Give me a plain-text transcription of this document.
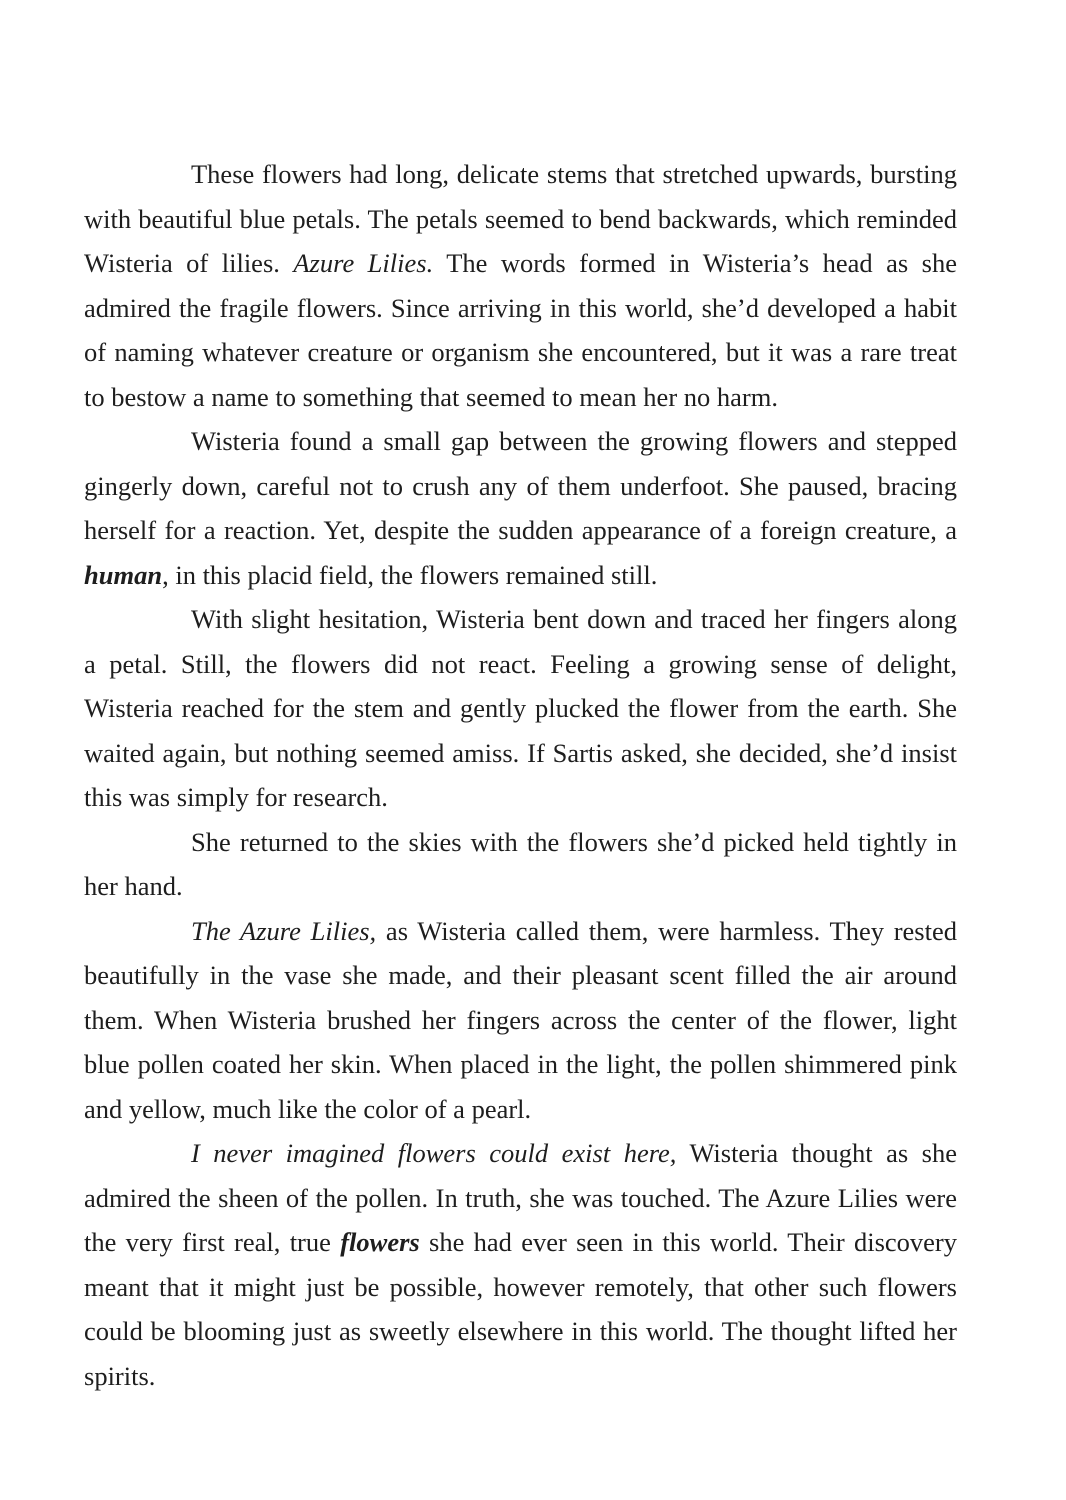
These flowers had long, delicate stems that stretched upwards, bursting with beautiful blue petals. The petals seemed to bend backwards, which reminded Wisteria of lilies. Azure Lilies. The words formed in Wisteria’s head as she admired the fragile flowers. Since arriving in this world, she’d developed a habit of naming whatever creature or organism she encountered, but it was a rare treat to bestow a name to something that seemed to mean her no harm.

Wisteria found a small gap between the growing flowers and stepped gingerly down, careful not to crush any of them underfoot. She paused, bracing herself for a reaction. Yet, despite the sudden appearance of a foreign creature, a human, in this placid field, the flowers remained still.

With slight hesitation, Wisteria bent down and traced her fingers along a petal. Still, the flowers did not react. Feeling a growing sense of delight, Wisteria reached for the stem and gently plucked the flower from the earth. She waited again, but nothing seemed amiss. If Sartis asked, she decided, she’d insist this was simply for research.

She returned to the skies with the flowers she’d picked held tightly in her hand.

The Azure Lilies, as Wisteria called them, were harmless. They rested beautifully in the vase she made, and their pleasant scent filled the air around them. When Wisteria brushed her fingers across the center of the flower, light blue pollen coated her skin. When placed in the light, the pollen shimmered pink and yellow, much like the color of a pearl.

I never imagined flowers could exist here, Wisteria thought as she admired the sheen of the pollen. In truth, she was touched. The Azure Lilies were the very first real, true flowers she had ever seen in this world. Their discovery meant that it might just be possible, however remotely, that other such flowers could be blooming just as sweetly elsewhere in this world. The thought lifted her spirits.
